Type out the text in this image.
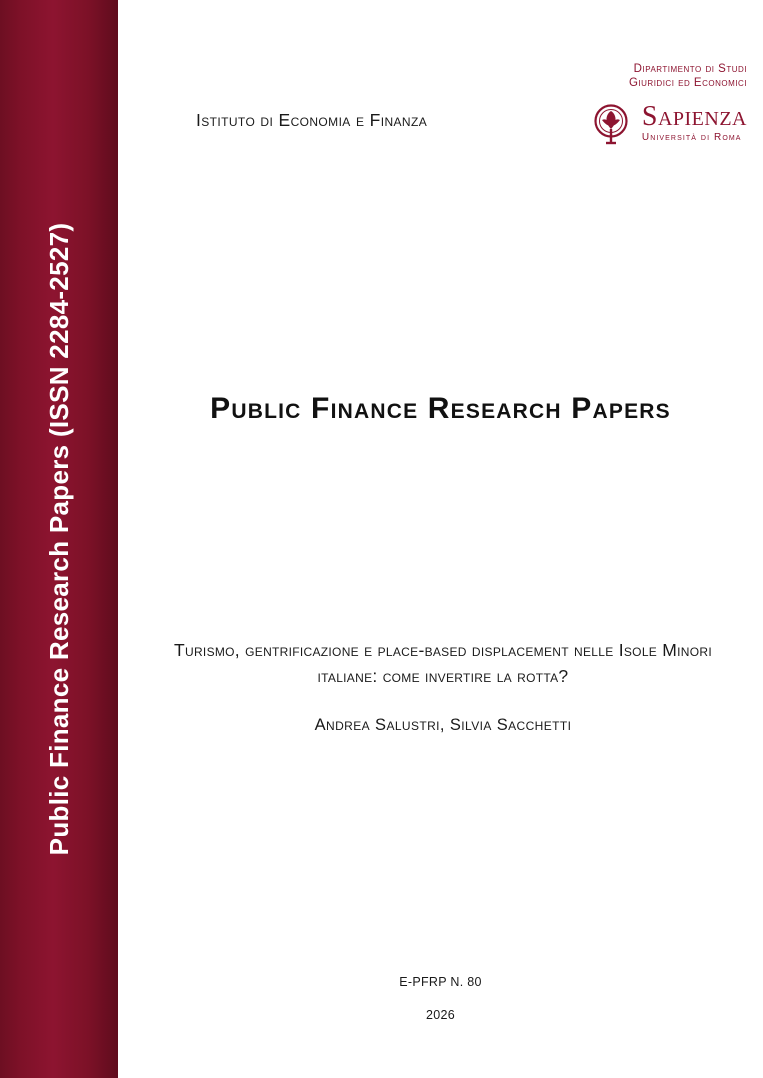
Public Finance Research Papers (ISSN 2284-2527)
Istituto di Economia e Finanza
Dipartimento di Studi
Giuridici ed Economici
Sapienza
Università di Roma
Public Finance Research Papers
Turismo, gentrificazione e place-based displacement nelle Isole Minori italiane: come invertire la rotta?
Andrea Salustri, Silvia Sacchetti
E-PFRP N. 80
2026
